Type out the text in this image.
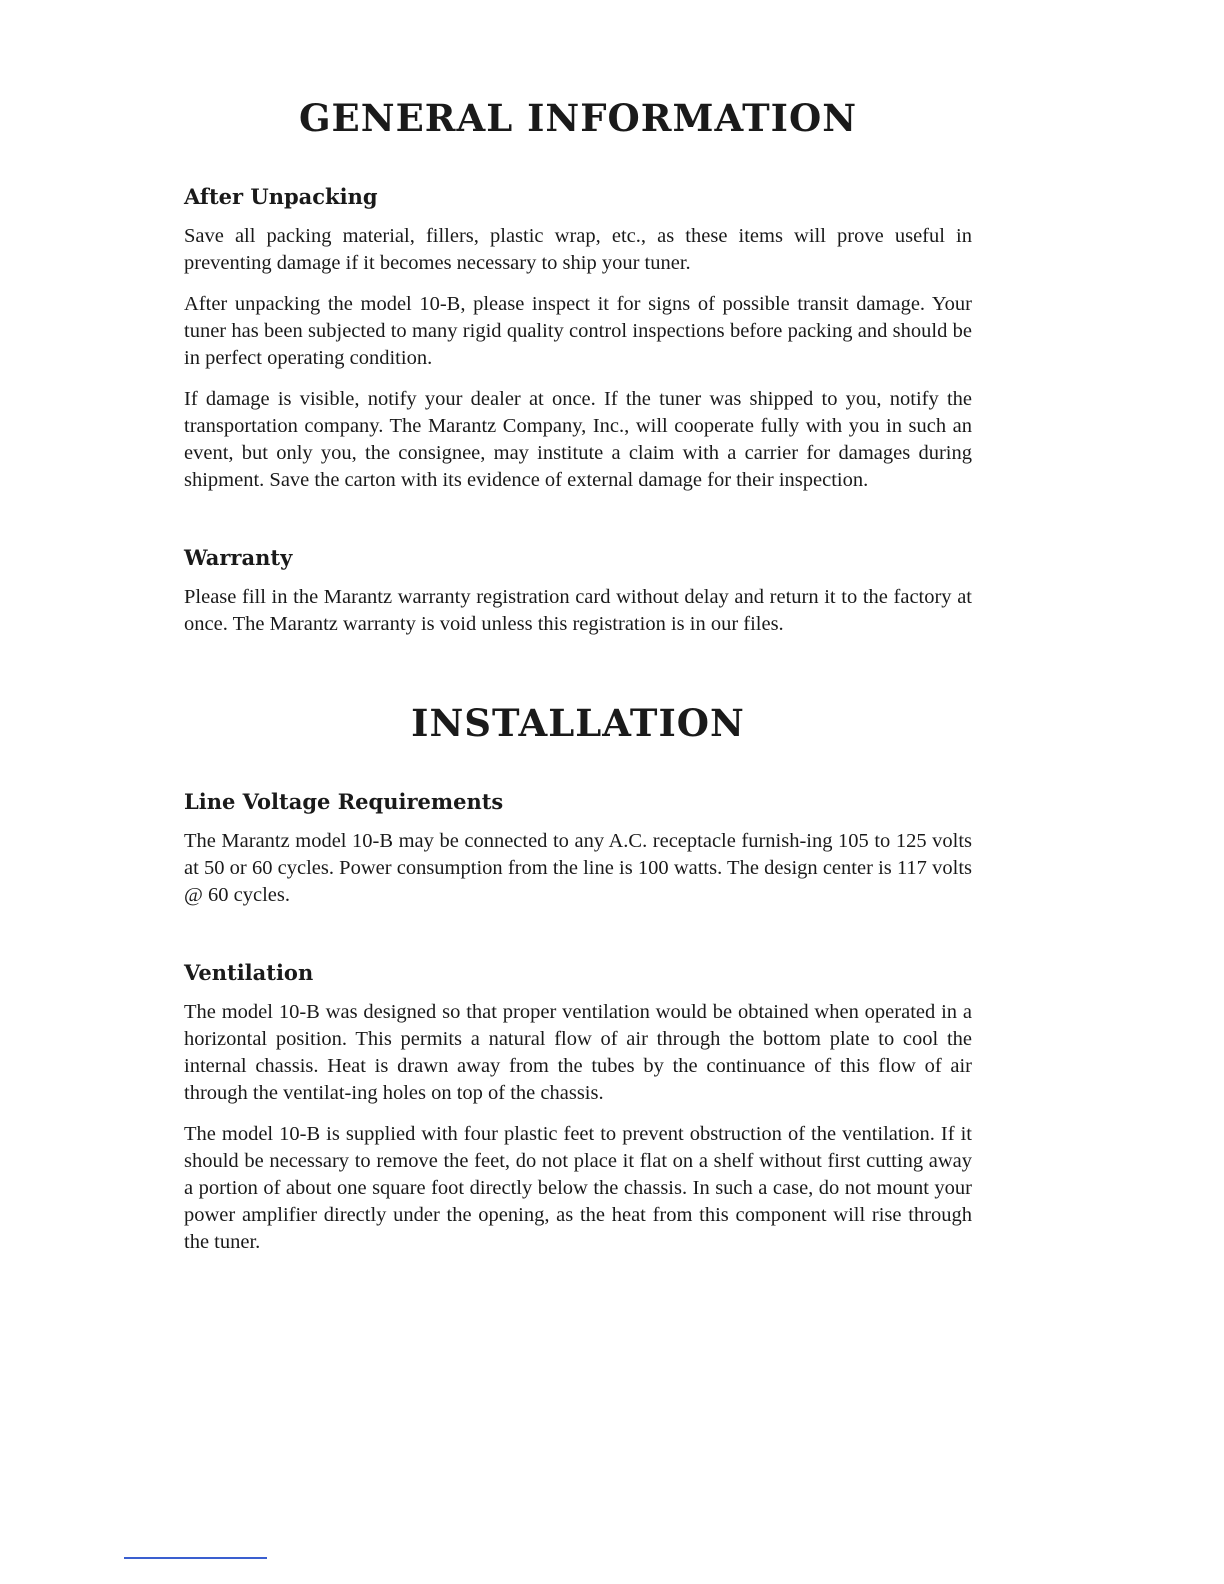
GENERAL INFORMATION
After Unpacking

Save all packing material, fillers, plastic wrap, etc., as these items will prove useful in preventing damage if it becomes necessary to ship your tuner.

After unpacking the model 10-B, please inspect it for signs of possible transit damage. Your tuner has been subjected to many rigid quality control inspections before packing and should be in perfect operating condition.

If damage is visible, notify your dealer at once. If the tuner was shipped to you, notify the transportation company. The Marantz Company, Inc., will cooperate fully with you in such an event, but only you, the consignee, may institute a claim with a carrier for damages during shipment. Save the carton with its evidence of external damage for their inspection.

Warranty

Please fill in the Marantz warranty registration card without delay and return it to the factory at once. The Marantz warranty is void unless this registration is in our files.

INSTALLATION
Line Voltage Requirements

The Marantz model 10-B may be connected to any A.C. receptacle furnish-ing 105 to 125 volts at 50 or 60 cycles. Power consumption from the line is 100 watts. The design center is 117 volts @ 60 cycles.

Ventilation

The model 10-B was designed so that proper ventilation would be obtained when operated in a horizontal position. This permits a natural flow of air through the bottom plate to cool the internal chassis. Heat is drawn away from the tubes by the continuance of this flow of air through the ventilat-ing holes on top of the chassis.

The model 10-B is supplied with four plastic feet to prevent obstruction of the ventilation. If it should be necessary to remove the feet, do not place it flat on a shelf without first cutting away a portion of about one square foot directly below the chassis. In such a case, do not mount your power amplifier directly under the opening, as the heat from this component will rise through the tuner.
